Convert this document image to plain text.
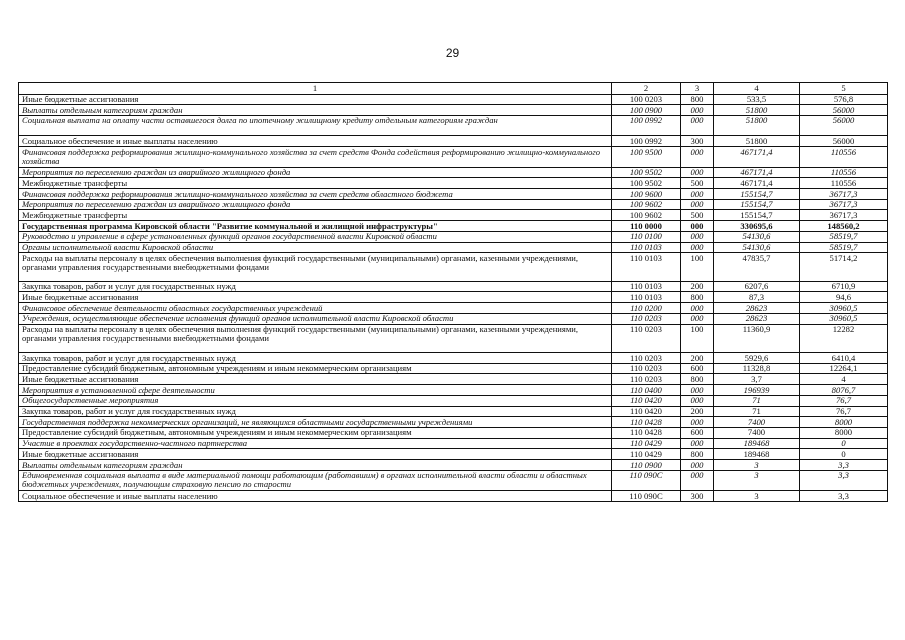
29
1	2	3	4	5
Иные бюджетные ассигнования	100 0203	800	533,5	576,8
Выплаты отдельным категориям граждан	100 0900	000	51800	56000
Социальная выплата на оплату части оставшегося долга по ипотечному жилищному кредиту отдельным категориям граждан	100 0992	000	51800	56000
Социальное обеспечение и иные выплаты населению	100 0992	300	51800	56000
Финансовая поддержка реформирования жилищно-коммунального хозяйства за счет средств Фонда содействия реформированию жилищно-коммунального хозяйства	100 9500	000	467171,4	110556
Мероприятия по переселению граждан из аварийного жилищного фонда	100 9502	000	467171,4	110556
Межбюджетные трансферты	100 9502	500	467171,4	110556
Финансовая поддержка реформирования жилищно-коммунального хозяйства за счет средств областного бюджета	100 9600	000	155154,7	36717,3
Мероприятия по переселению граждан из аварийного жилищного фонда	100 9602	000	155154,7	36717,3
Межбюджетные трансферты	100 9602	500	155154,7	36717,3
Государственная программа Кировской области "Развитие коммунальной и жилищной инфраструктуры"	110 0000	000	330695,6	148560,2
Руководство и управление в сфере установленных функций органов государственной власти Кировской области	110 0100	000	54130,6	58519,7
Органы исполнительной власти Кировской области	110 0103	000	54130,6	58519,7
Расходы на выплаты персоналу в целях обеспечения выполнения функций государственными (муниципальными) органами, казенными учреждениями, органами управления государственными внебюджетными фондами	110 0103	100	47835,7	51714,2
Закупка товаров, работ и услуг для государственных нужд	110 0103	200	6207,6	6710,9
Иные бюджетные ассигнования	110 0103	800	87,3	94,6
Финансовое обеспечение деятельности областных государственных учреждений	110 0200	000	28623	30960,5
Учреждения, осуществляющие обеспечение исполнения функций органов исполнительной власти Кировской области	110 0203	000	28623	30960,5
Расходы на выплаты персоналу в целях обеспечения выполнения функций государственными (муниципальными) органами, казенными учреждениями, органами управления государственными внебюджетными фондами	110 0203	100	11360,9	12282
Закупка товаров, работ и услуг для государственных нужд	110 0203	200	5929,6	6410,4
Предоставление субсидий бюджетным, автономным учреждениям и иным некоммерческим организациям	110 0203	600	11328,8	12264,1
Иные бюджетные ассигнования	110 0203	800	3,7	4
Мероприятия в установленной сфере деятельности	110 0400	000	196939	8076,7
Общегосударственные мероприятия	110 0420	000	71	76,7
Закупка товаров, работ и услуг для государственных нужд	110 0420	200	71	76,7
Государственная поддержка некоммерческих организаций, не являющихся областными государственными учреждениями	110 0428	000	7400	8000
Предоставление субсидий бюджетным, автономным учреждениям и иным некоммерческим организациям	110 0428	600	7400	8000
Участие в проектах государственно-частного партнерства	110 0429	000	189468	0
Иные бюджетные ассигнования	110 0429	800	189468	0
Выплаты отдельным категориям граждан	110 0900	000	3	3,3
Единовременная социальная выплата в виде материальной помощи работающим (работавшим) в органах исполнительной власти области и областных бюджетных учреждениях, получающим страховую пенсию по старости	110 090C	000	3	3,3
Социальное обеспечение и иные выплаты населению	110 090C	300	3	3,3
